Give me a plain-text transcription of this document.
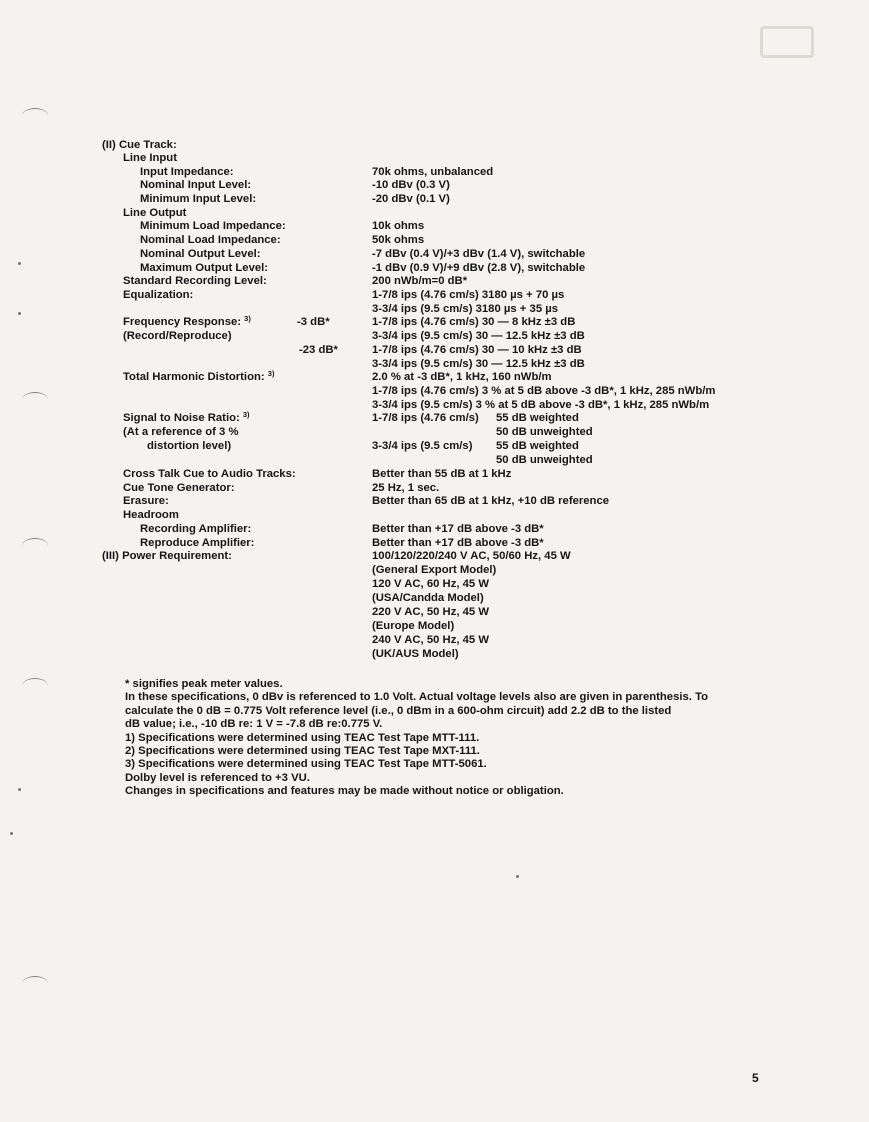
(II) Cue Track:
Line Input
Input Impedance:	70k ohms, unbalanced
Nominal Input Level:	-10 dBv (0.3 V)
Minimum Input Level:	-20 dBv (0.1 V)
Line Output
Minimum Load Impedance:	10k ohms
Nominal Load Impedance:	50k ohms
Nominal Output Level:	-7 dBv (0.4 V)/+3 dBv (1.4 V), switchable
Maximum Output Level:	-1 dBv (0.9 V)/+9 dBv (2.8 V), switchable
Standard Recording Level:	200 nWb/m=0 dB*
Equalization:	1-7/8 ips (4.76 cm/s) 3180 µs + 70 µs
3-3/4 ips (9.5 cm/s) 3180 µs + 35 µs
Frequency Response: $^{3)}$	-3 dB*	1-7/8 ips (4.76 cm/s) 30 — 8 kHz ±3 dB
(Record/Reproduce)	3-3/4 ips (9.5 cm/s) 30 — 12.5 kHz ±3 dB
-23 dB*	1-7/8 ips (4.76 cm/s) 30 — 10 kHz ±3 dB
3-3/4 ips (9.5 cm/s) 30 — 12.5 kHz ±3 dB
Total Harmonic Distortion: $^{3)}$	2.0 % at -3 dB*, 1 kHz, 160 nWb/m
1-7/8 ips (4.76 cm/s) 3 % at 5 dB above -3 dB*, 1 kHz, 285 nWb/m
3-3/4 ips (9.5 cm/s) 3 % at 5 dB above -3 dB*, 1 kHz, 285 nWb/m
Signal to Noise Ratio: $^{3)}$	1-7/8 ips (4.76 cm/s) 55 dB weighted
(At a reference of 3 %	50 dB unweighted
distortion level)	3-3/4 ips (9.5 cm/s) 55 dB weighted
50 dB unweighted
Cross Talk Cue to Audio Tracks:	Better than 55 dB at 1 kHz
Cue Tone Generator:	25 Hz, 1 sec.
Erasure:	Better than 65 dB at 1 kHz, +10 dB reference
Headroom
Recording Amplifier:	Better than +17 dB above -3 dB*
Reproduce Amplifier:	Better than +17 dB above -3 dB*
(III) Power Requirement:	100/120/220/240 V AC, 50/60 Hz, 45 W
(General Export Model)
120 V AC, 60 Hz, 45 W
(USA/Candda Model)
220 V AC, 50 Hz, 45 W
(Europe Model)
240 V AC, 50 Hz, 45 W
(UK/AUS Model)
* signifies peak meter values.
In these specifications, 0 dBv is referenced to 1.0 Volt. Actual voltage levels also are given in parenthesis. To
calculate the 0 dB = 0.775 Volt reference level (i.e., 0 dBm in a 600-ohm circuit) add 2.2 dB to the listed
dB value; i.e., -10 dB re: 1 V = -7.8 dB re:0.775 V.
1) Specifications were determined using TEAC Test Tape MTT-111.
2) Specifications were determined using TEAC Test Tape MXT-111.
3) Specifications were determined using TEAC Test Tape MTT-5061.
Dolby level is referenced to +3 VU.
Changes in specifications and features may be made without notice or obligation.
5
